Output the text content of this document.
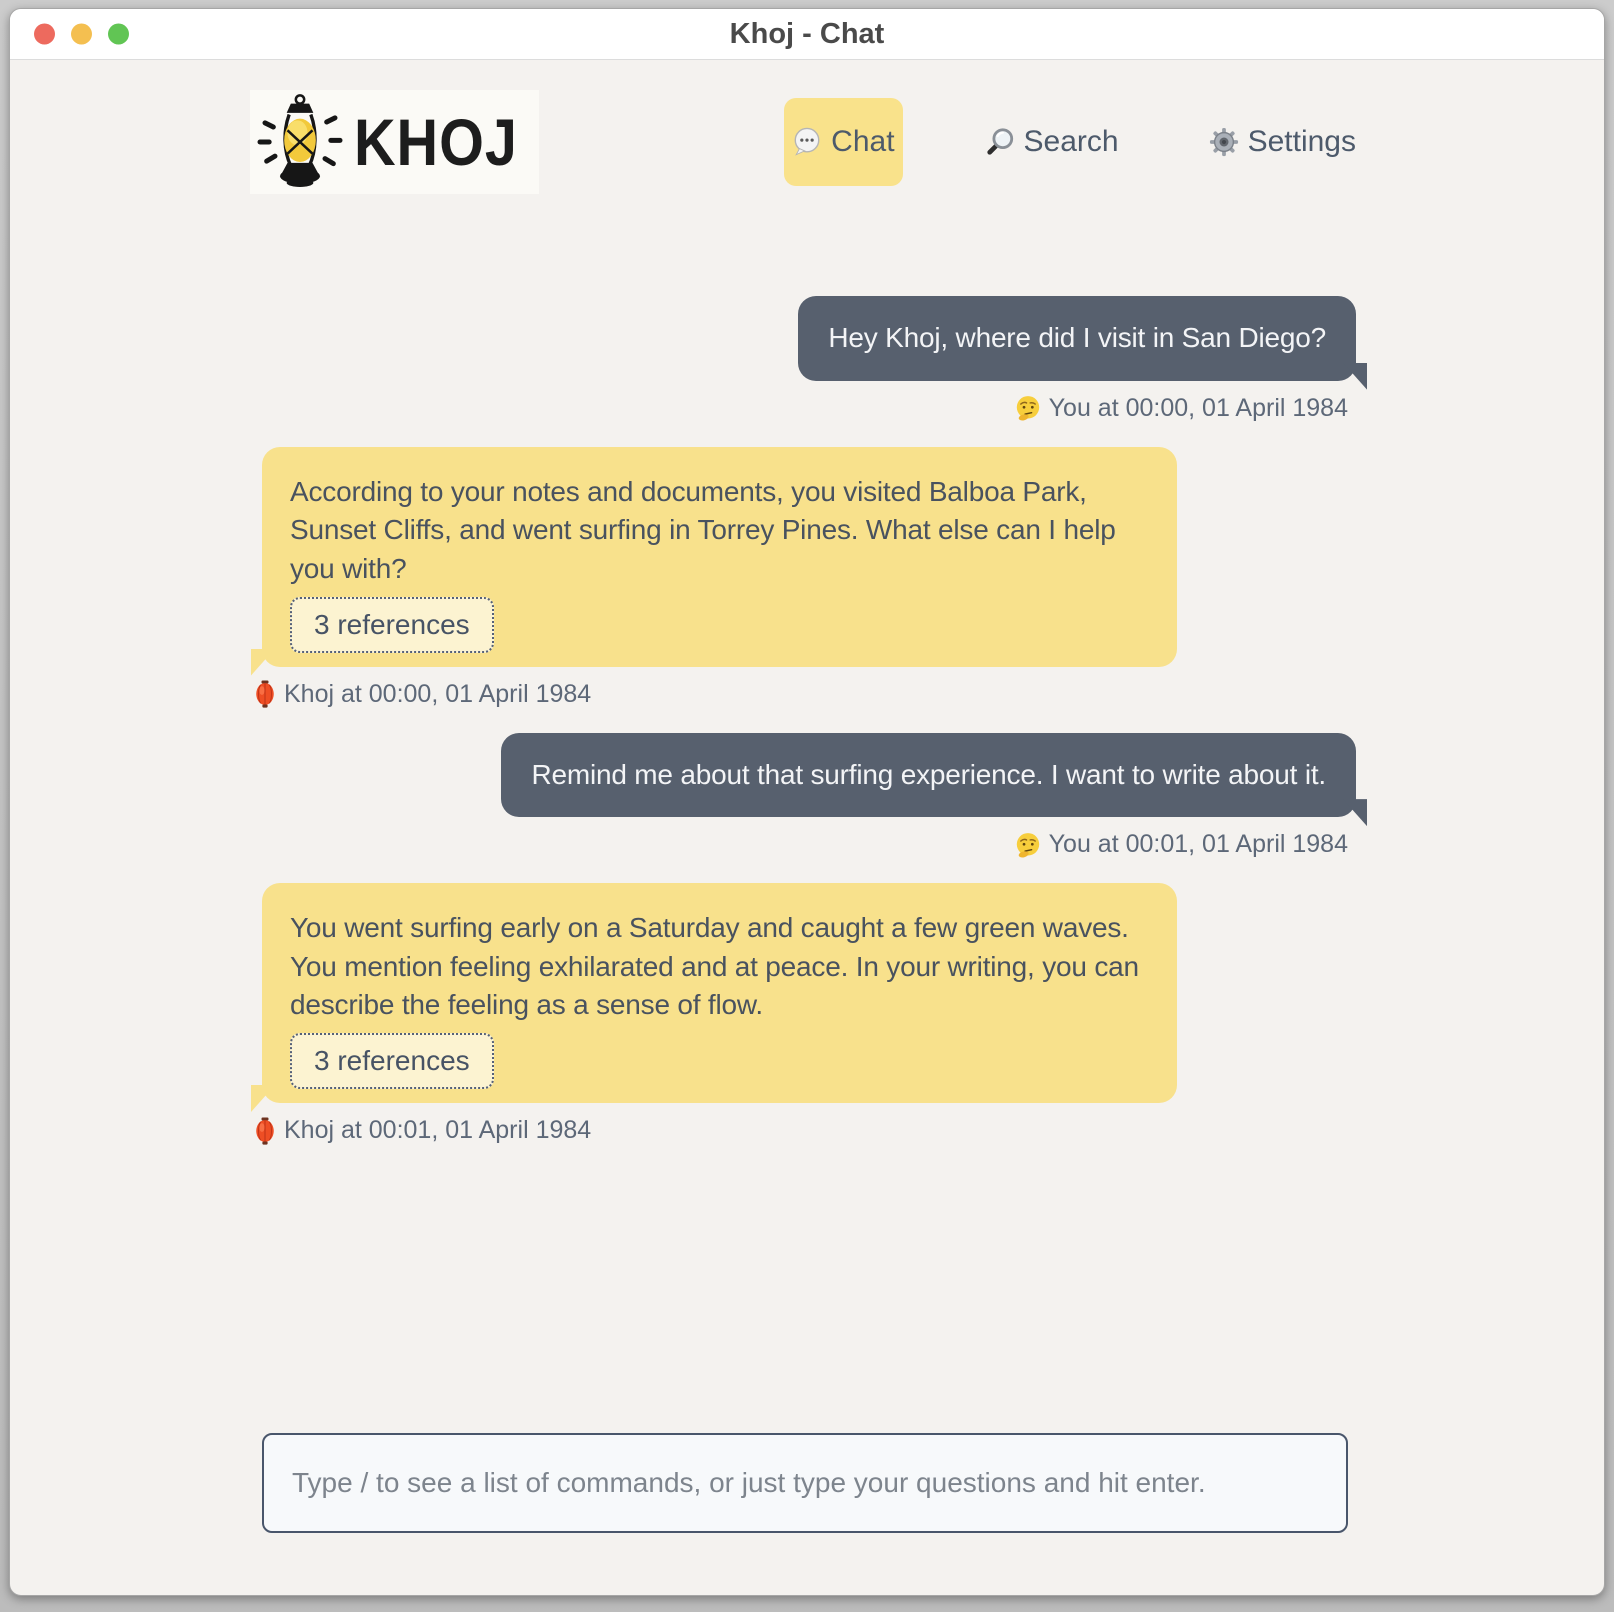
Khoj - Chat
KHOJ	Chat	Search	Settings
Hey Khoj, where did I visit in San Diego?
You at 00:00, 01 April 1984
According to your notes and documents, you visited Balboa Park, Sunset Cliffs, and went surfing in Torrey Pines. What else can I help you with?
3 references
Khoj at 00:00, 01 April 1984
Remind me about that surfing experience. I want to write about it.
You at 00:01, 01 April 1984
You went surfing early on a Saturday and caught a few green waves. You mention feeling exhilarated and at peace. In your writing, you can describe the feeling as a sense of flow.
3 references
Khoj at 00:01, 01 April 1984
Type / to see a list of commands, or just type your questions and hit enter.
